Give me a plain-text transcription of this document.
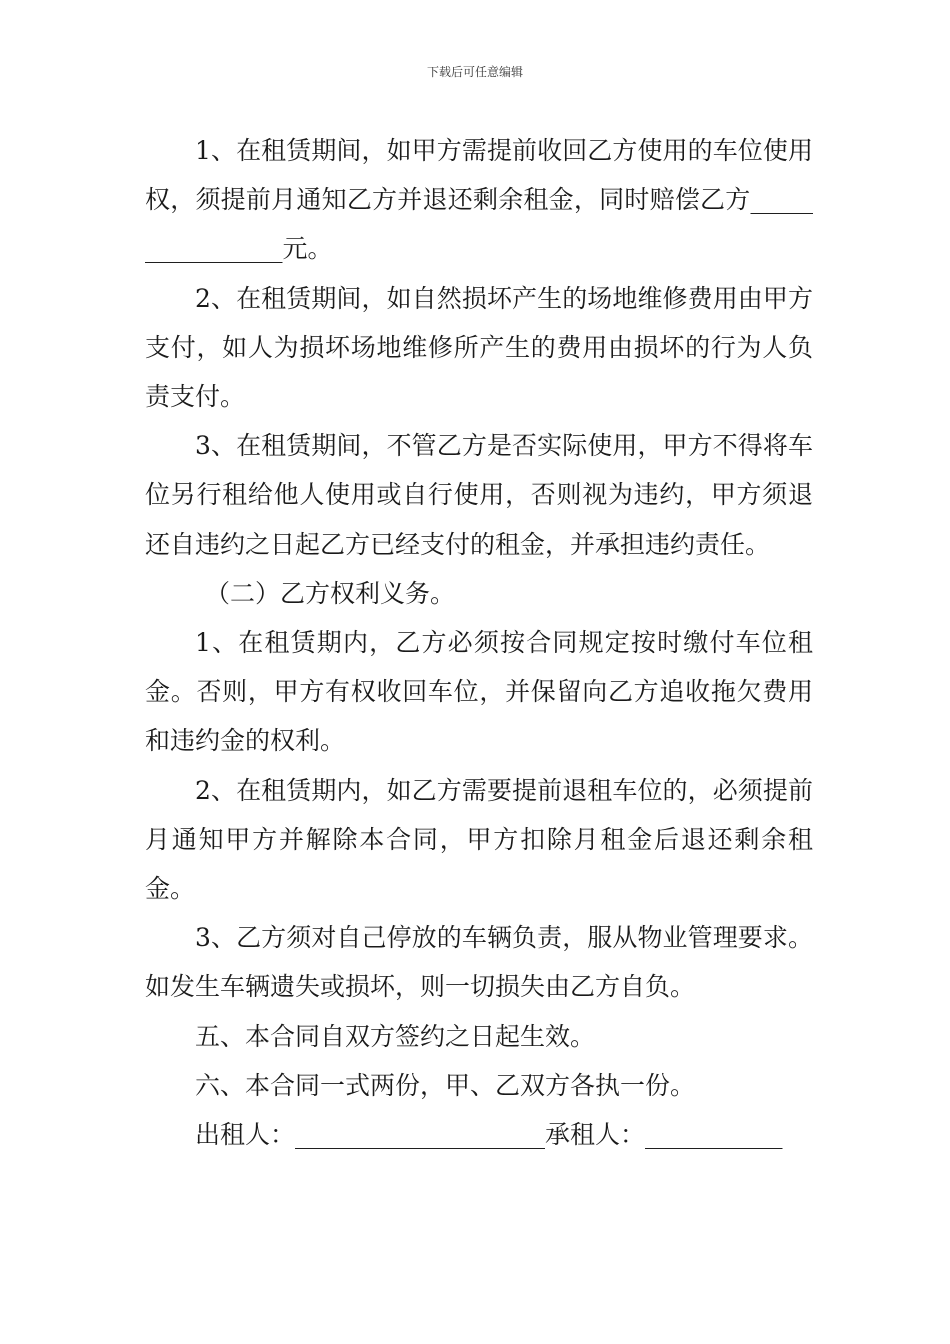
下载后可任意编辑

1、在租赁期间，如甲方需提前收回乙方使用的车位使用权，须提前月通知乙方并退还剩余租金，同时赔偿乙方________________元。

2、在租赁期间，如自然损坏产生的场地维修费用由甲方支付，如人为损坏场地维修所产生的费用由损坏的行为人负责支付。

3、在租赁期间，不管乙方是否实际使用，甲方不得将车位另行租给他人使用或自行使用，否则视为违约，甲方须退还自违约之日起乙方已经支付的租金，并承担违约责任。

（二）乙方权利义务。

1、在租赁期内，乙方必须按合同规定按时缴付车位租金。否则，甲方有权收回车位，并保留向乙方追收拖欠费用和违约金的权利。

2、在租赁期内，如乙方需要提前退租车位的，必须提前月通知甲方并解除本合同，甲方扣除月租金后退还剩余租金。

3、乙方须对自己停放的车辆负责，服从物业管理要求。如发生车辆遗失或损坏，则一切损失由乙方自负。

五、本合同自双方签约之日起生效。

六、本合同一式两份，甲、乙双方各执一份。

出租人：____________________承租人：___________
